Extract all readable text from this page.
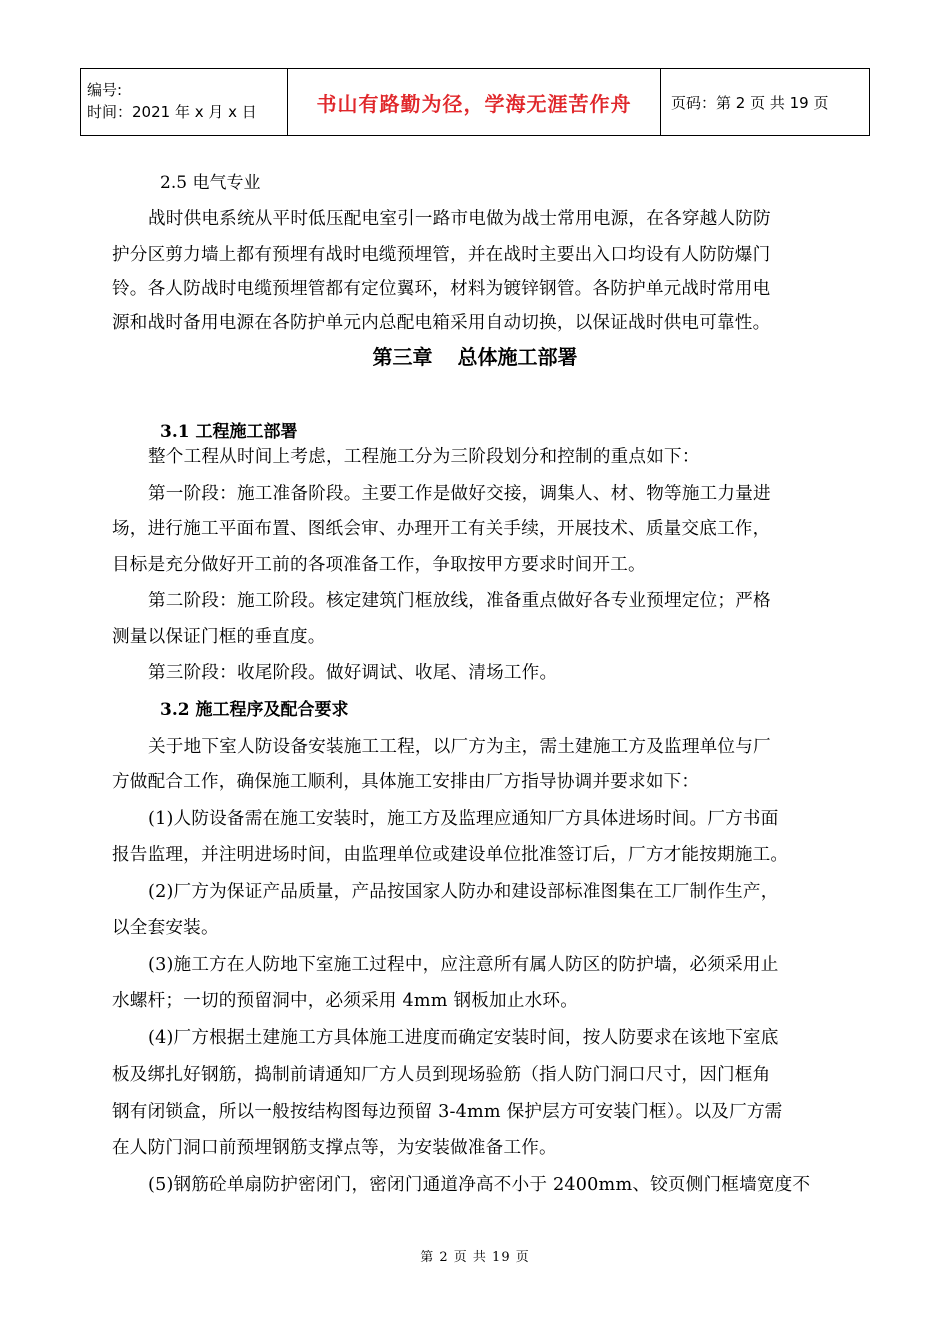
编号:
时间：2021 年 x 月 x 日	书山有路勤为径，学海无涯苦作舟	页码：第 2 页 共 19 页
2.5 电气专业
战时供电系统从平时低压配电室引一路市电做为战士常用电源，在各穿越人防防
护分区剪力墙上都有预埋有战时电缆预埋管，并在战时主要出入口均设有人防防爆门
铃。各人防战时电缆预埋管都有定位翼环，材料为镀锌钢管。各防护单元战时常用电
源和战时备用电源在各防护单元内总配电箱采用自动切换，以保证战时供电可靠性。
第三章 总体施工部署
3.1 工程施工部署
整个工程从时间上考虑，工程施工分为三阶段划分和控制的重点如下：
第一阶段：施工准备阶段。主要工作是做好交接，调集人、材、物等施工力量进
场，进行施工平面布置、图纸会审、办理开工有关手续，开展技术、质量交底工作，
目标是充分做好开工前的各项准备工作，争取按甲方要求时间开工。
第二阶段：施工阶段。核定建筑门框放线，准备重点做好各专业预埋定位；严格
测量以保证门框的垂直度。
第三阶段：收尾阶段。做好调试、收尾、清场工作。
3.2 施工程序及配合要求
关于地下室人防设备安装施工工程，以厂方为主，需土建施工方及监理单位与厂
方做配合工作，确保施工顺利，具体施工安排由厂方指导协调并要求如下：
(1)人防设备需在施工安装时，施工方及监理应通知厂方具体进场时间。厂方书面
报告监理，并注明进场时间，由监理单位或建设单位批准签订后，厂方才能按期施工。
(2)厂方为保证产品质量，产品按国家人防办和建设部标准图集在工厂制作生产，
以全套安装。
(3)施工方在人防地下室施工过程中，应注意所有属人防区的防护墙，必须采用止
水螺杆；一切的预留洞中，必须采用 4mm 钢板加止水环。
(4)厂方根据土建施工方具体施工进度而确定安装时间，按人防要求在该地下室底
板及绑扎好钢筋，捣制前请通知厂方人员到现场验筋（指人防门洞口尺寸，因门框角
钢有闭锁盒，所以一般按结构图每边预留 3-4mm 保护层方可安装门框）。以及厂方需
在人防门洞口前预埋钢筋支撑点等，为安装做准备工作。
(5)钢筋砼单扇防护密闭门，密闭门通道净高不小于 2400mm、铰页侧门框墙宽度不
第 2 页 共 19 页
